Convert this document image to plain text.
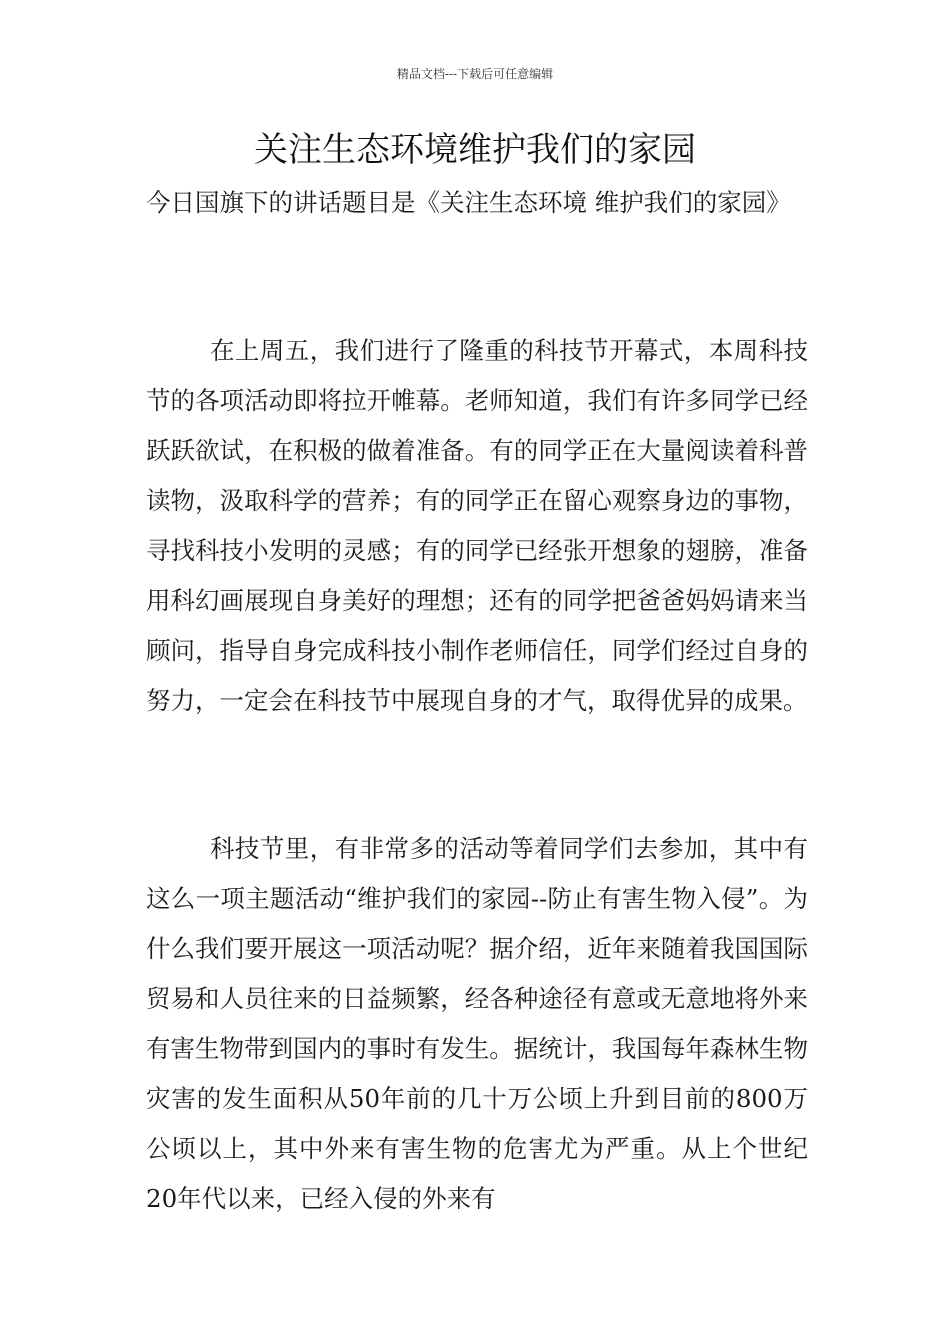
精品文档---下载后可任意编辑
关注生态环境维护我们的家园

今日国旗下的讲话题目是《关注生态环境 维护我们的家园》

在上周五，我们进行了隆重的科技节开幕式，本周科技节的各项活动即将拉开帷幕。老师知道，我们有许多同学已经跃跃欲试，在积极的做着准备。有的同学正在大量阅读着科普读物，汲取科学的营养；有的同学正在留心观察身边的事物，寻找科技小发明的灵感；有的同学已经张开想象的翅膀，准备用科幻画展现自身美好的理想；还有的同学把爸爸妈妈请来当顾问，指导自身完成科技小制作老师信任，同学们经过自身的努力，一定会在科技节中展现自身的才气，取得优异的成果。

科技节里，有非常多的活动等着同学们去参加，其中有这么一项主题活动“维护我们的家园--防止有害生物入侵”。为什么我们要开展这一项活动呢？据介绍，近年来随着我国国际贸易和人员往来的日益频繁，经各种途径有意或无意地将外来有害生物带到国内的事时有发生。据统计，我国每年森林生物灾害的发生面积从50年前的几十万公顷上升到目前的800万公顷以上，其中外来有害生物的危害尤为严重。从上个世纪20年代以来，已经入侵的外来有
